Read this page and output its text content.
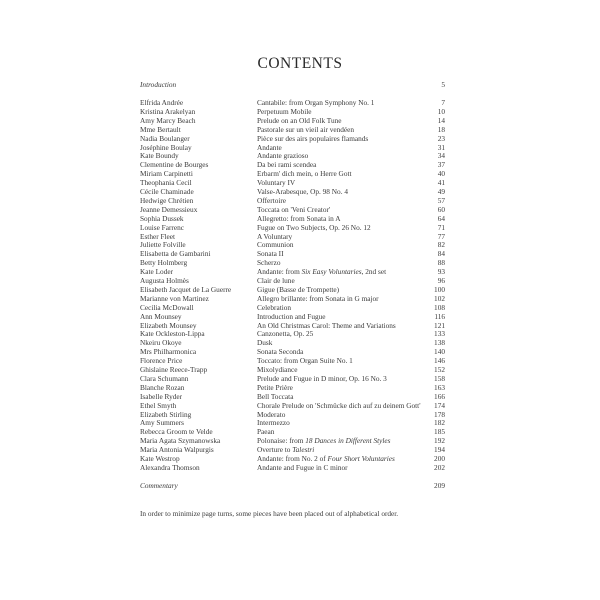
CONTENTS
Introduction	5
Elfrida Andrée	Cantabile: from Organ Symphony No. 1	7
Kristina Arakelyan	Perpetuum Mobile	10
Amy Marcy Beach	Prelude on an Old Folk Tune	14
Mme Bertault	Pastorale sur un vieil air vendéen	18
Nadia Boulanger	Pièce sur des airs populaires flamands	23
Joséphine Boulay	Andante	31
Kate Boundy	Andante grazioso	34
Clementine de Bourges	Da bei rami scendea	37
Miriam Carpinetti	Erbarm' dich mein, o Herre Gott	40
Theophania Cecil	Voluntary IV	41
Cécile Chaminade	Valse-Arabesque, Op. 98 No. 4	49
Hedwige Chrétien	Offertoire	57
Jeanne Demessieux	Toccata on 'Veni Creator'	60
Sophia Dussek	Allegretto: from Sonata in A	64
Louise Farrenc	Fugue on Two Subjects, Op. 26 No. 12	71
Esther Fleet	A Voluntary	77
Juliette Folville	Communion	82
Elisabetta de Gambarini	Sonata II	84
Betty Holmberg	Scherzo	88
Kate Loder	Andante: from Six Easy Voluntaries, 2nd set	93
Augusta Holmès	Clair de lune	96
Elisabeth Jacquet de La Guerre	Gigue (Basse de Trompette)	100
Marianne von Martinez	Allegro brillante: from Sonata in G major	102
Cecilia McDowall	Celebration	108
Ann Mounsey	Introduction and Fugue	116
Elizabeth Mounsey	An Old Christmas Carol: Theme and Variations	121
Kate Ockleston-Lippa	Canzonetta, Op. 25	133
Nkeiru Okoye	Dusk	138
Mrs Philharmonica	Sonata Seconda	140
Florence Price	Toccato: from Organ Suite No. 1	146
Ghislaine Reece-Trapp	Mixolydiance	152
Clara Schumann	Prelude and Fugue in D minor, Op. 16 No. 3	158
Blanche Rozan	Petite Prière	163
Isabelle Ryder	Bell Toccata	166
Ethel Smyth	Chorale Prelude on 'Schmücke dich auf zu deinem Gott' 174
Elizabeth Stirling	Moderato	178
Amy Summers	Intermezzo	182
Rebecca Groom te Velde	Paean	185
Maria Agata Szymanowska	Polonaise: from 18 Dances in Different Styles	192
Maria Antonia Walpurgis	Overture to Talestri	194
Kate Westrop	Andante: from No. 2 of Four Short Voluntaries	200
Alexandra Thomson	Andante and Fugue in C minor	202
Commentary	209
In order to minimize page turns, some pieces have been placed out of alphabetical order.
